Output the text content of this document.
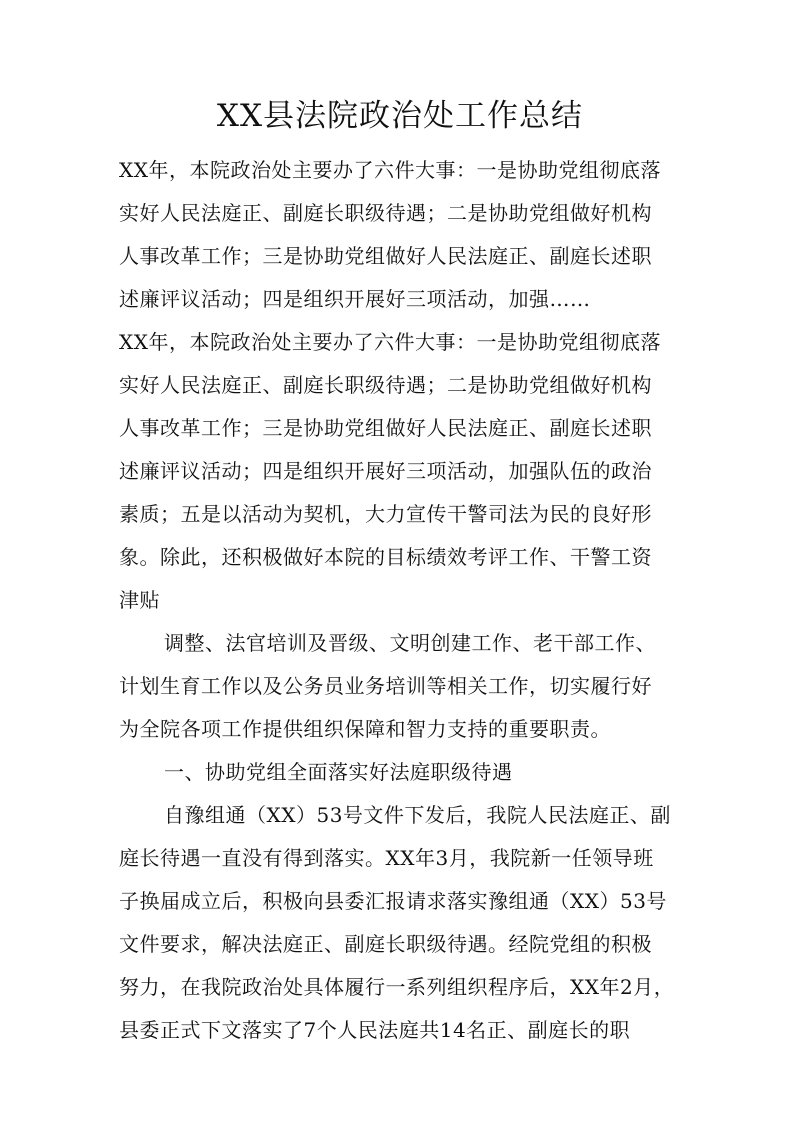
XX县法院政治处工作总结
XX年，本院政治处主要办了六件大事：一是协助党组彻底落
实好人民法庭正、副庭长职级待遇；二是协助党组做好机构
人事改革工作；三是协助党组做好人民法庭正、副庭长述职
述廉评议活动；四是组织开展好三项活动，加强……
XX年，本院政治处主要办了六件大事：一是协助党组彻底落
实好人民法庭正、副庭长职级待遇；二是协助党组做好机构
人事改革工作；三是协助党组做好人民法庭正、副庭长述职
述廉评议活动；四是组织开展好三项活动，加强队伍的政治
素质；五是以活动为契机，大力宣传干警司法为民的良好形
象。除此，还积极做好本院的目标绩效考评工作、干警工资
津贴
调整、法官培训及晋级、文明创建工作、老干部工作、
计划生育工作以及公务员业务培训等相关工作，切实履行好
为全院各项工作提供组织保障和智力支持的重要职责。
一、协助党组全面落实好法庭职级待遇
自豫组通（XX）53号文件下发后，我院人民法庭正、副
庭长待遇一直没有得到落实。XX年3月，我院新一任领导班
子换届成立后，积极向县委汇报请求落实豫组通（XX）53号
文件要求，解决法庭正、副庭长职级待遇。经院党组的积极
努力，在我院政治处具体履行一系列组织程序后，XX年2月，
县委正式下文落实了7个人民法庭共14名正、副庭长的职
